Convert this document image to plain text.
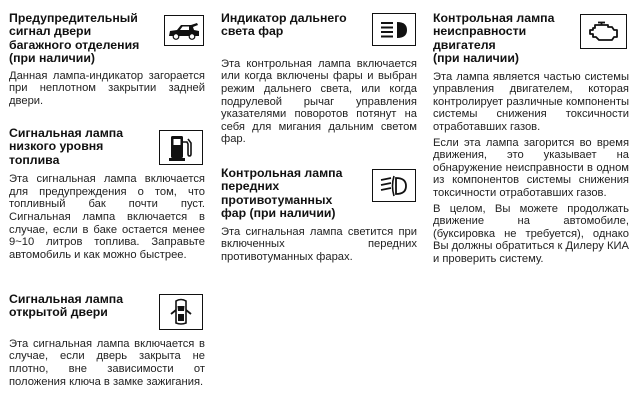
Предупредительный
сигнал двери
багажного отделения
(при наличии)
Данная лампа-индикатор загорается при неплотном закрытии задней двери.
Сигнальная лампа
низкого уровня
топлива
Эта сигнальная лампа включается для предупреждения о том, что топливный бак почти пуст. Сигнальная лампа включается в случае, если в баке остается менее 9~10 литров топлива. Заправьте автомобиль и как можно быстрее.
Сигнальная лампа
открытой двери
Эта сигнальная лампа включается в случае, если дверь закрыта не плотно, вне зависимости от положения ключа в замке зажигания.
Индикатор дальнего
света фар
Эта контрольная лампа включается или когда включены фары и выбран режим дальнего света, или когда подрулевой рычаг управления указателями поворотов потянут на себя для мигания дальним светом фар.
Контрольная лампа
передних
противотуманных
фар (при наличии)
Эта сигнальная лампа светится при включенных передних противотуманных фарах.
Контрольная лампа
неисправности
двигателя
(при наличии)

Эта лампа является частью системы управления двигателем, которая контролирует различные компоненты системы снижения токсичности отработавших газов.

Если эта лампа загорится во время движения, это указывает на обнаружение неисправности в одном из компонентов системы снижения токсичности отработавших газов.

В целом, Вы можете продолжать движение на автомобиле, (буксировка не требуется), однако Вы должны обратиться к Дилеру КИА и проверить систему.
